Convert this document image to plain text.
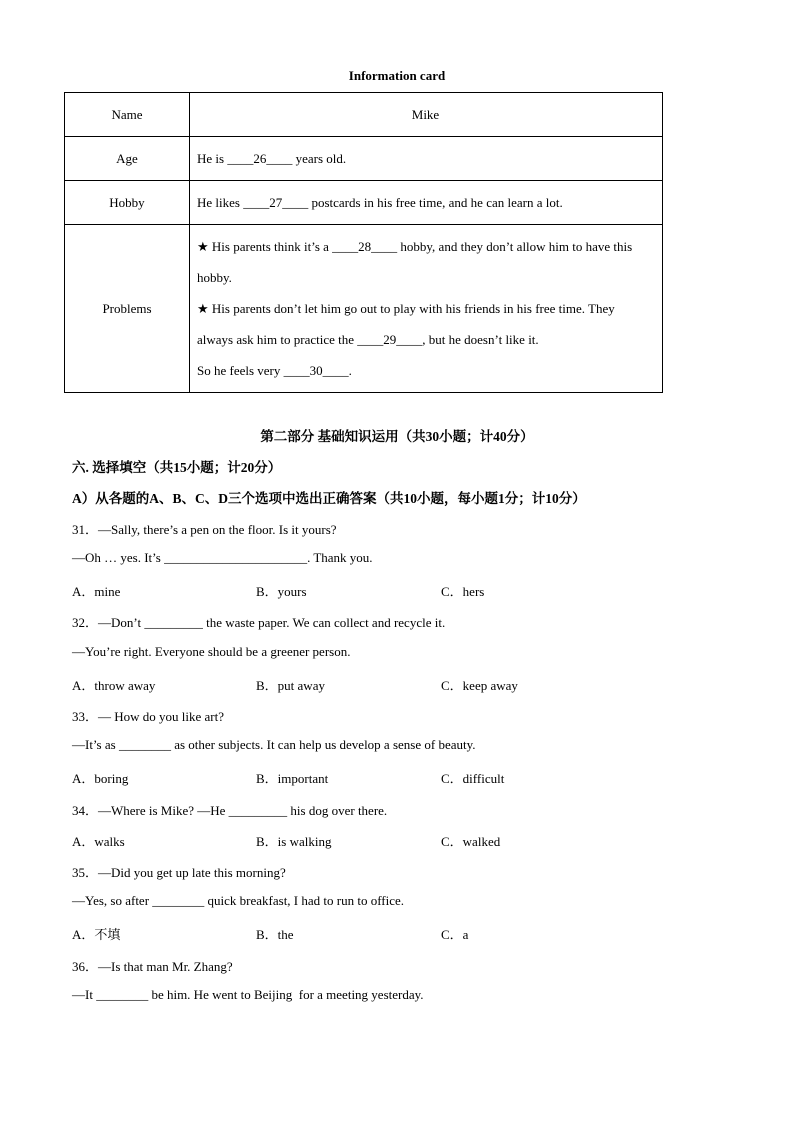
Information card
Name	Mike
Age	He is ____26____ years old.
Hobby	He likes ____27____ postcards in his free time, and he can learn a lot.
Problems	★ His parents think it’s a ____28____ hobby, and they don’t allow him to have this hobby.
★ His parents don’t let him go out to play with his friends in his free time. They always ask him to practice the ____29____, but he doesn’t like it.
So he feels very ____30____.
第二部分 基础知识运用（共30小题；计40分）
六. 选择填空（共15小题；计20分）
A）从各题的A、B、C、D三个选项中选出正确答案（共10小题，每小题1分；计10分）
31．—Sally, there’s a pen on the floor. Is it yours?
—Oh … yes. It’s ______________________. Thank you.
A．mine	B．yours	C．hers
32．—Don’t _________ the waste paper. We can collect and recycle it.
—You’re right. Everyone should be a greener person.
A．throw away	B．put away	C．keep away
33．— How do you like art?
—It’s as ________ as other subjects. It can help us develop a sense of beauty.
A．boring	B．important	C．difficult
34．—Where is Mike? —He _________ his dog over there.
A．walks	B．is walking	C．walked
35．—Did you get up late this morning?
—Yes, so after ________ quick breakfast, I had to run to office.
A．不填	B．the	C．a
36．—Is that man Mr. Zhang?
—It ________ be him. He went to Beijing  for a meeting yesterday.
